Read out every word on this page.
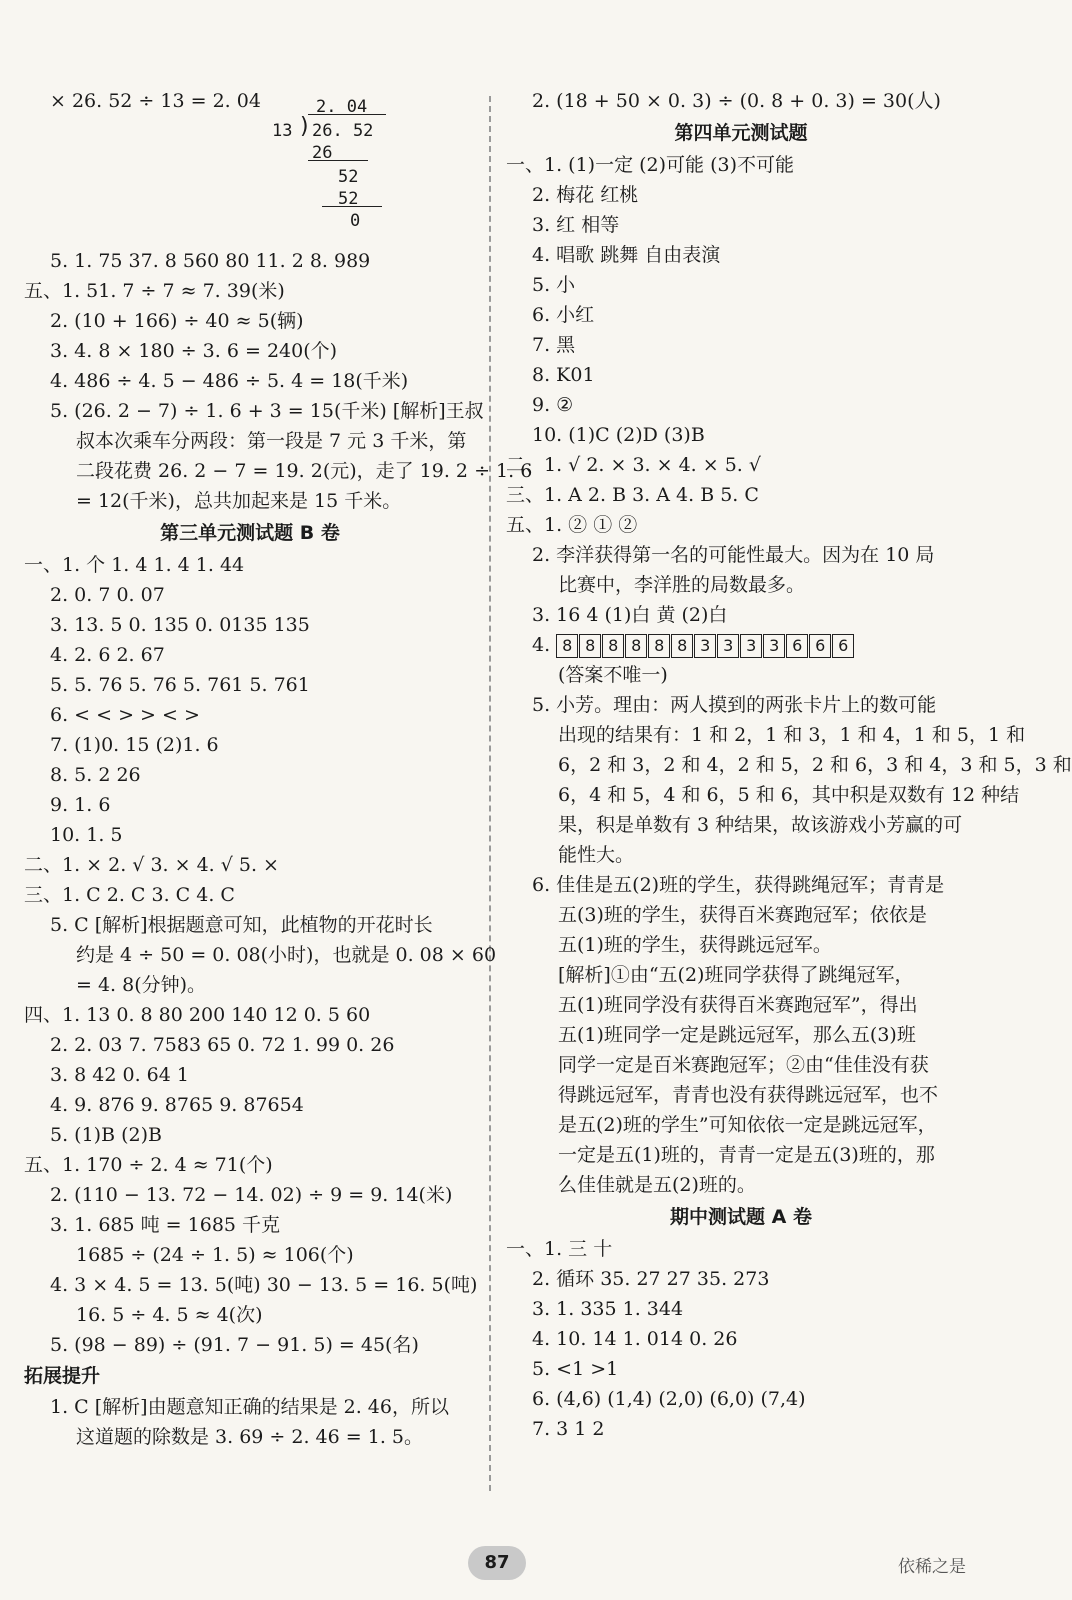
× 26. 52 ÷ 13 = 2. 04	2. 04
13 ) 26. 52
26
52
52
0
5. 1. 75 37. 8 560 80 11. 2 8. 989
五、1. 51. 7 ÷ 7 ≈ 7. 39(米)
2. (10 + 166) ÷ 40 ≈ 5(辆)
3. 4. 8 × 180 ÷ 3. 6 = 240(个)
4. 486 ÷ 4. 5 − 486 ÷ 5. 4 = 18(千米)
5. (26. 2 − 7) ÷ 1. 6 + 3 = 15(千米) [解析]王叔
叔本次乘车分两段：第一段是 7 元 3 千米，第
二段花费 26. 2 − 7 = 19. 2(元)，走了 19. 2 ÷ 1. 6
= 12(千米)，总共加起来是 15 千米。
第三单元测试题 B 卷
一、1. 个 1. 4 1. 4 1. 44
2. 0. 7 0. 07
3. 13. 5 0. 135 0. 0135 135
4. 2. 6 2. 67
5. 5. 76 5. 76 5. 761 5. 761
6. < < > > < >
7. (1)0. 15 (2)1. 6
8. 5. 2 26
9. 1. 6
10. 1. 5
二、1. × 2. √ 3. × 4. √ 5. ×
三、1. C 2. C 3. C 4. C
5. C [解析]根据题意可知，此植物的开花时长
约是 4 ÷ 50 = 0. 08(小时)，也就是 0. 08 × 60
= 4. 8(分钟)。
四、1. 13 0. 8 80 200 140 12 0. 5 60
2. 2. 03 7. 7583 65 0. 72 1. 99 0. 26
3. 8 42 0. 64 1
4. 9. 876 9. 8765 9. 87654
5. (1)B (2)B
五、1. 170 ÷ 2. 4 ≈ 71(个)
2. (110 − 13. 72 − 14. 02) ÷ 9 = 9. 14(米)
3. 1. 685 吨 = 1685 千克
1685 ÷ (24 ÷ 1. 5) ≈ 106(个)
4. 3 × 4. 5 = 13. 5(吨) 30 − 13. 5 = 16. 5(吨)
16. 5 ÷ 4. 5 ≈ 4(次)
5. (98 − 89) ÷ (91. 7 − 91. 5) = 45(名)
拓展提升
1. C [解析]由题意知正确的结果是 2. 46，所以
这道题的除数是 3. 69 ÷ 2. 46 = 1. 5。
2. (18 + 50 × 0. 3) ÷ (0. 8 + 0. 3) = 30(人)
第四单元测试题
一、1. (1)一定 (2)可能 (3)不可能
2. 梅花 红桃
3. 红 相等
4. 唱歌 跳舞 自由表演
5. 小
6. 小红
7. 黑
8. K01
9. ②
10. (1)C (2)D (3)B
二、1. √ 2. × 3. × 4. × 5. √
三、1. A 2. B 3. A 4. B 5. C
五、1. ② ① ②
2. 李洋获得第一名的可能性最大。因为在 10 局
比赛中，李洋胜的局数最多。
3. 16 4 (1)白 黄 (2)白
4. 8 8 8 8 8 8 3 3 3 3 6 6 6
(答案不唯一)
5. 小芳。理由：两人摸到的两张卡片上的数可能
出现的结果有：1 和 2，1 和 3，1 和 4，1 和 5，1 和
6，2 和 3，2 和 4，2 和 5，2 和 6，3 和 4，3 和 5，3 和
6，4 和 5，4 和 6，5 和 6，其中积是双数有 12 种结
果，积是单数有 3 种结果，故该游戏小芳赢的可
能性大。
6. 佳佳是五(2)班的学生，获得跳绳冠军；青青是
五(3)班的学生，获得百米赛跑冠军；依依是
五(1)班的学生，获得跳远冠军。
[解析]①由“五(2)班同学获得了跳绳冠军，
五(1)班同学没有获得百米赛跑冠军”，得出
五(1)班同学一定是跳远冠军，那么五(3)班
同学一定是百米赛跑冠军；②由“佳佳没有获
得跳远冠军，青青也没有获得跳远冠军，也不
是五(2)班的学生”可知依依一定是跳远冠军，
一定是五(1)班的，青青一定是五(3)班的，那
么佳佳就是五(2)班的。
期中测试题 A 卷
一、1. 三 十
2. 循环 35. 27 27 35. 273
3. 1. 335 1. 344
4. 10. 14 1. 014 0. 26
5. <1 >1
6. (4,6) (1,4) (2,0) (6,0) (7,4)
7. 3 1 2
87	依稀之是
